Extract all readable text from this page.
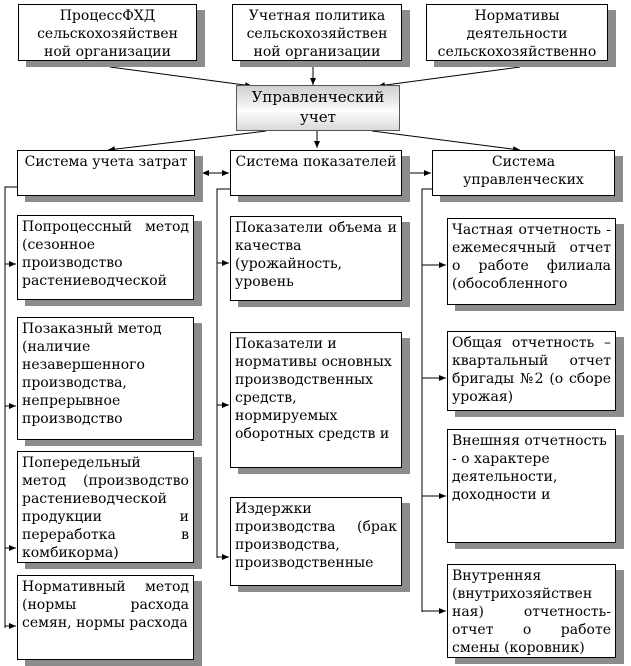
ПроцессФХД сельскохозяйствен ной организации
Учетная политика сельскохозяйствен ной организации
Нормативы деятельности сельскохозяйственно
Управленческий учет
Система учета затрат	Система показателей	Система управленческих
Попроцессный метод (сезонное производство растениеводческой
Позаказный метод (наличие незавершенного производства, непрерывное производство
Попередельный метод (производство растениеводческой продукции и переработка в комбикорма)
Нормативный метод (нормы расхода семян, нормы расхода
Показатели объема и качества (урожайность, уровень
Показатели и нормативы основных производственных средств, нормируемых оборотных средств и
Издержки производства (брак производства, производственные
Частная отчетность - ежемесячный отчет о работе филиала (обособленного
Общая отчетность – квартальный отчет бригады №2 (о сборе урожая)
Внешняя отчетность - о характере деятельности, доходности и
Внутренняя (внутрихозяйствен ная) отчетность-отчет о работе смены (коровник)
